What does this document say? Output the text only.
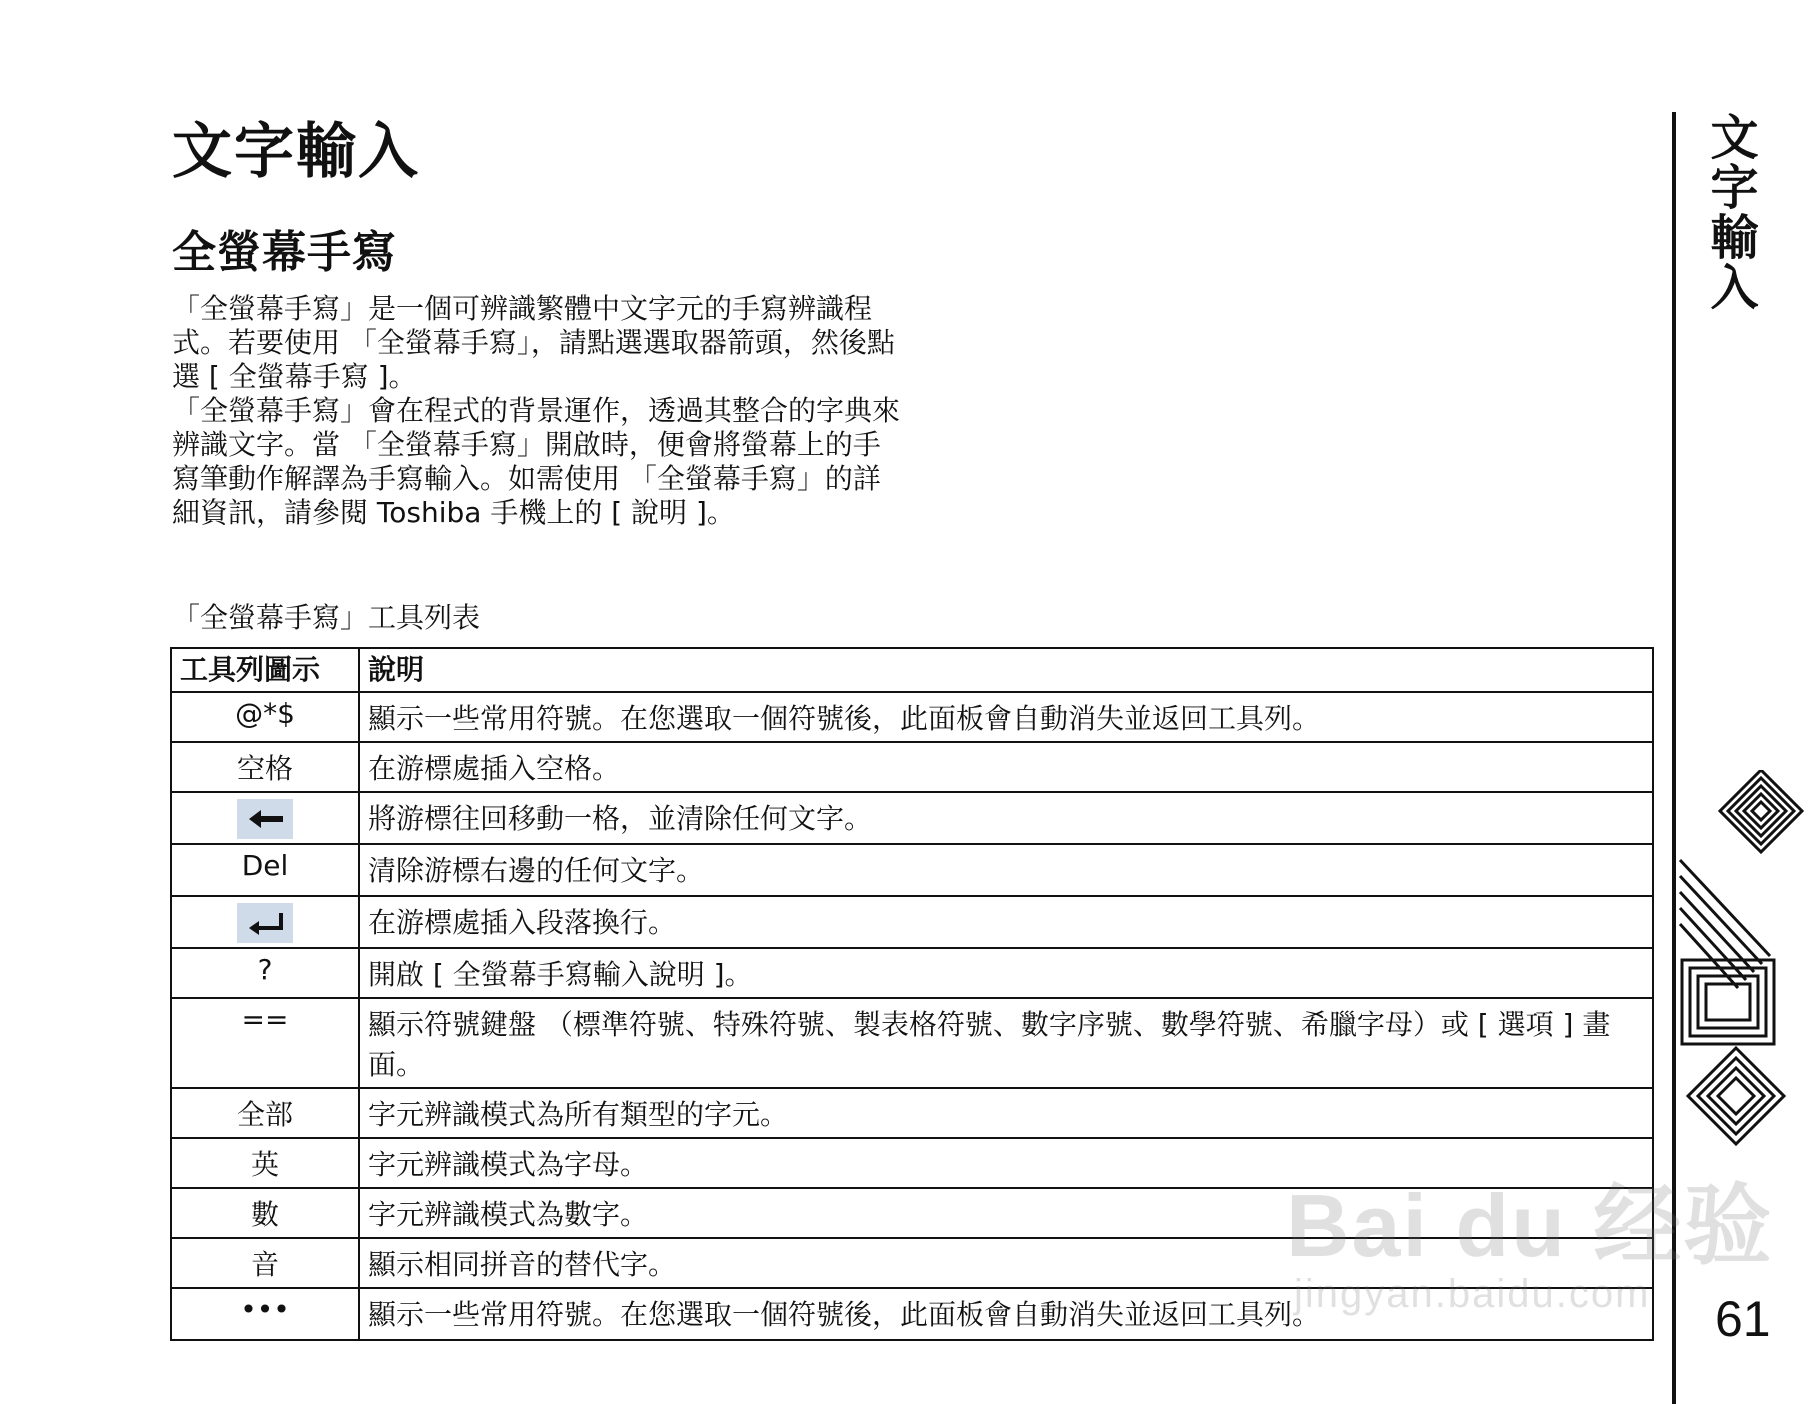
文字輸入
全螢幕手寫

「全螢幕手寫」是一個可辨識繁體中文字元的手寫辨識程式。若要使用 「全螢幕手寫」，請點選選取器箭頭，然後點選 [ 全螢幕手寫 ]。

「全螢幕手寫」會在程式的背景運作，透過其整合的字典來辨識文字。當 「全螢幕手寫」開啟時，便會將螢幕上的手寫筆動作解譯為手寫輸入。如需使用 「全螢幕手寫」的詳細資訊，請參閱 Toshiba 手機上的 [ 說明 ]。

「全螢幕手寫」工具列表
工具列圖示	說明
@*$	顯示一些常用符號。在您選取一個符號後，此面板會自動消失並返回工具列。
空格	在游標處插入空格。
	將游標往回移動一格，並清除任何文字。
Del	清除游標右邊的任何文字。
	在游標處插入段落換行。
?	開啟 [ 全螢幕手寫輸入說明 ]。
==	顯示符號鍵盤 （標準符號、特殊符號、製表格符號、數字序號、數學符號、希臘字母）或 [ 選項 ] 畫面。
全部	字元辨識模式為所有類型的字元。
英	字元辨識模式為字母。
數	字元辨識模式為數字。
音	顯示相同拼音的替代字。
•••	顯示一些常用符號。在您選取一個符號後，此面板會自動消失並返回工具列。
文字輸入
61
Bai du 经验
jingyan.baidu.com
